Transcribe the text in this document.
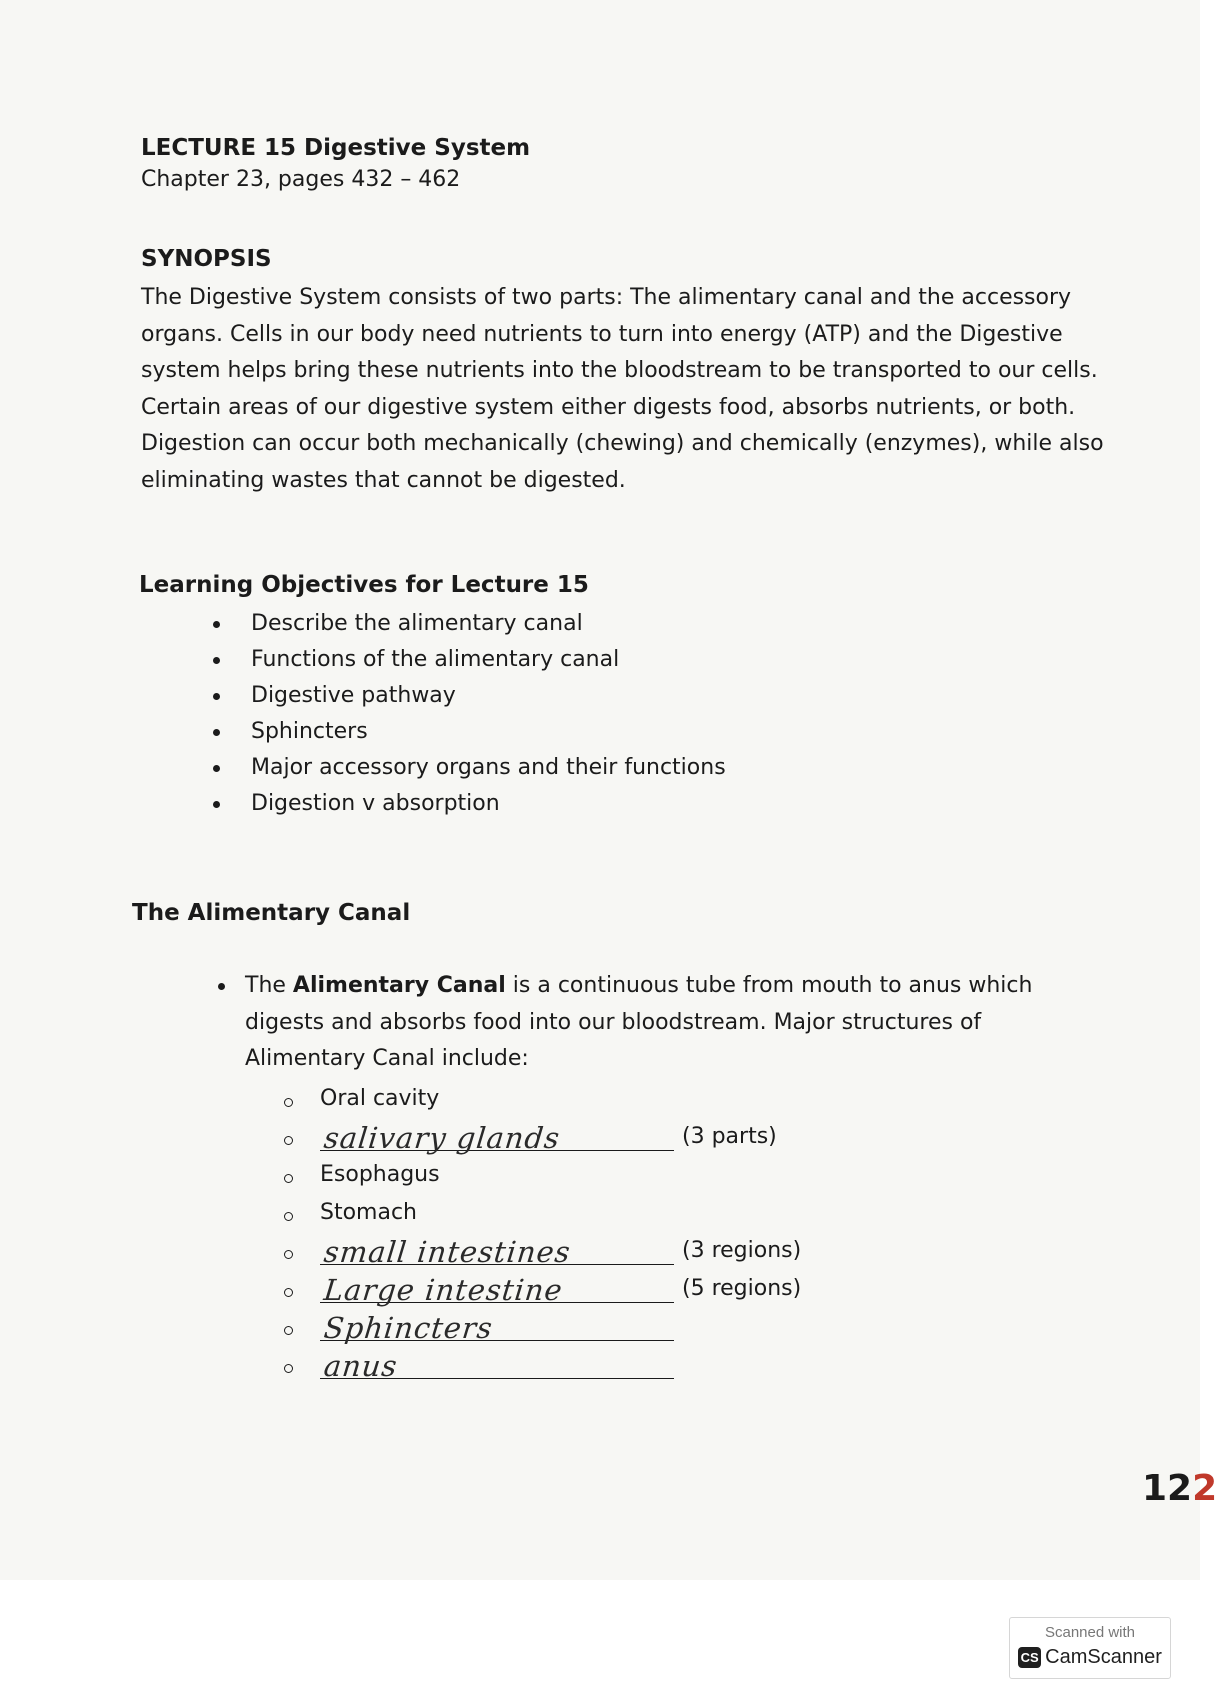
LECTURE 15 Digestive System

Chapter 23, pages 432 – 462

SYNOPSIS

The Digestive System consists of two parts: The alimentary canal and the accessory organs. Cells in our body need nutrients to turn into energy (ATP) and the Digestive system helps bring these nutrients into the bloodstream to be transported to our cells. Certain areas of our digestive system either digests food, absorbs nutrients, or both. Digestion can occur both mechanically (chewing) and chemically (enzymes), while also eliminating wastes that cannot be digested.

Learning Objectives for Lecture 15

Describe the alimentary canal
Functions of the alimentary canal
Digestive pathway
Sphincters
Major accessory organs and their functions
Digestion v absorption

The Alimentary Canal

The Alimentary Canal is a continuous tube from mouth to anus which digests and absorbs food into our bloodstream. Major structures of Alimentary Canal include:
Oral cavity
salivary glands	(3 parts)
Esophagus
Stomach
small intestines	(3 regions)
Large intestine	(5 regions)
Sphincters
anus
122
Scanned with
CS CamScanner
